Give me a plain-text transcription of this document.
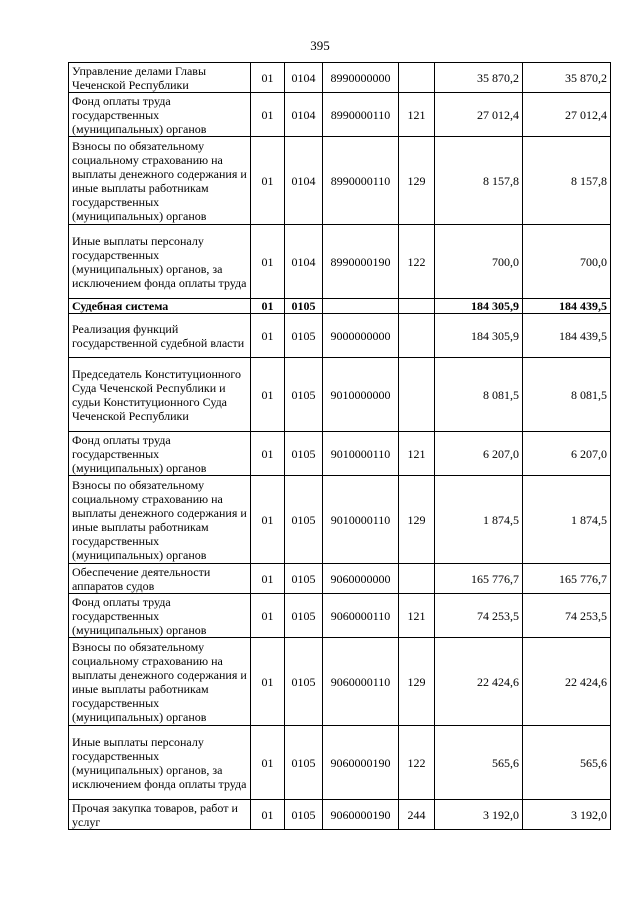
395
Управление делами Главы Чеченской Республики	01	0104	8990000000		35 870,2	35 870,2
Фонд оплаты труда государственных (муниципальных) органов	01	0104	8990000110	121	27 012,4	27 012,4
Взносы по обязательному социальному страхованию на выплаты денежного содержания и иные выплаты работникам государственных (муниципальных) органов	01	0104	8990000110	129	8 157,8	8 157,8
Иные выплаты персоналу государственных (муниципальных) органов, за исключением фонда оплаты труда	01	0104	8990000190	122	700,0	700,0
Судебная система	01	0105			184 305,9	184 439,5
Реализация функций государственной судебной власти	01	0105	9000000000		184 305,9	184 439,5
Председатель Конституционного Суда Чеченской Республики и судьи Конституционного Суда Чеченской Республики	01	0105	9010000000		8 081,5	8 081,5
Фонд оплаты труда государственных (муниципальных) органов	01	0105	9010000110	121	6 207,0	6 207,0
Взносы по обязательному социальному страхованию на выплаты денежного содержания и иные выплаты работникам государственных (муниципальных) органов	01	0105	9010000110	129	1 874,5	1 874,5
Обеспечение деятельности аппаратов судов	01	0105	9060000000		165 776,7	165 776,7
Фонд оплаты труда государственных (муниципальных) органов	01	0105	9060000110	121	74 253,5	74 253,5
Взносы по обязательному социальному страхованию на выплаты денежного содержания и иные выплаты работникам государственных (муниципальных) органов	01	0105	9060000110	129	22 424,6	22 424,6
Иные выплаты персоналу государственных (муниципальных) органов, за исключением фонда оплаты труда	01	0105	9060000190	122	565,6	565,6
Прочая закупка товаров, работ и услуг	01	0105	9060000190	244	3 192,0	3 192,0
